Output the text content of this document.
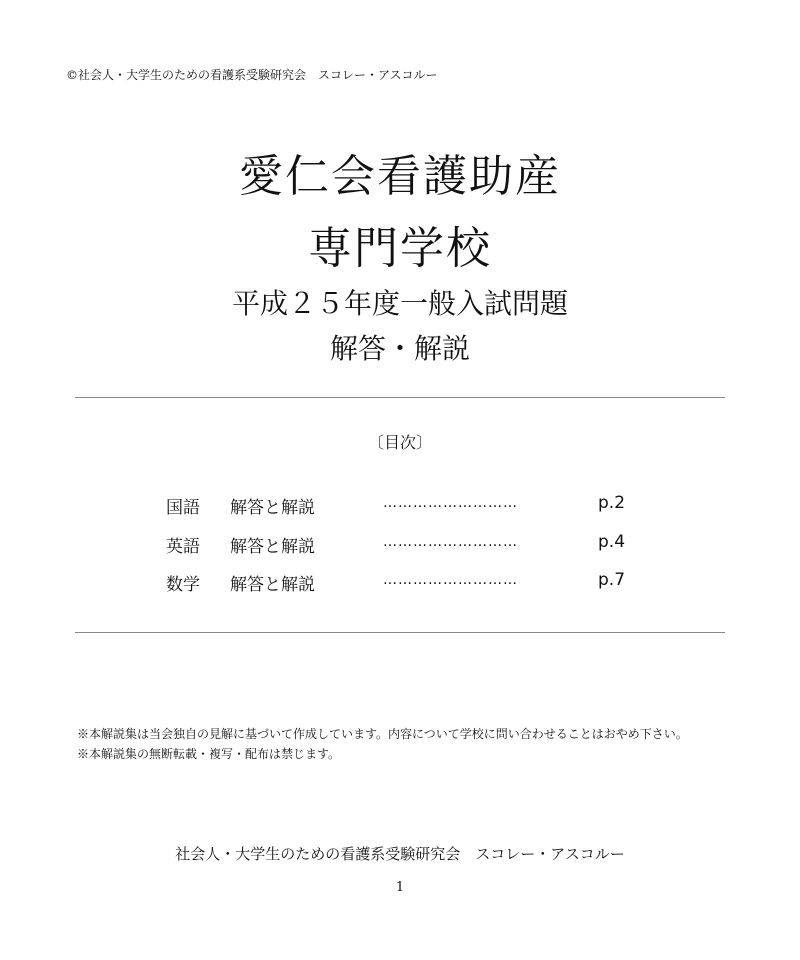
©社会人・大学生のための看護系受験研究会　スコレー・アスコルー
愛仁会看護助産
専門学校
平成２５年度一般入試問題
解答・解説
〔目次〕
国語 解答と解説	………………………	p.2
英語 解答と解説	………………………	p.4
数学 解答と解説	………………………	p.7
※本解説集は当会独自の見解に基づいて作成しています。内容について学校に問い合わせることはおやめ下さい。
※本解説集の無断転載・複写・配布は禁じます。
社会人・大学生のための看護系受験研究会　スコレー・アスコルー
1
